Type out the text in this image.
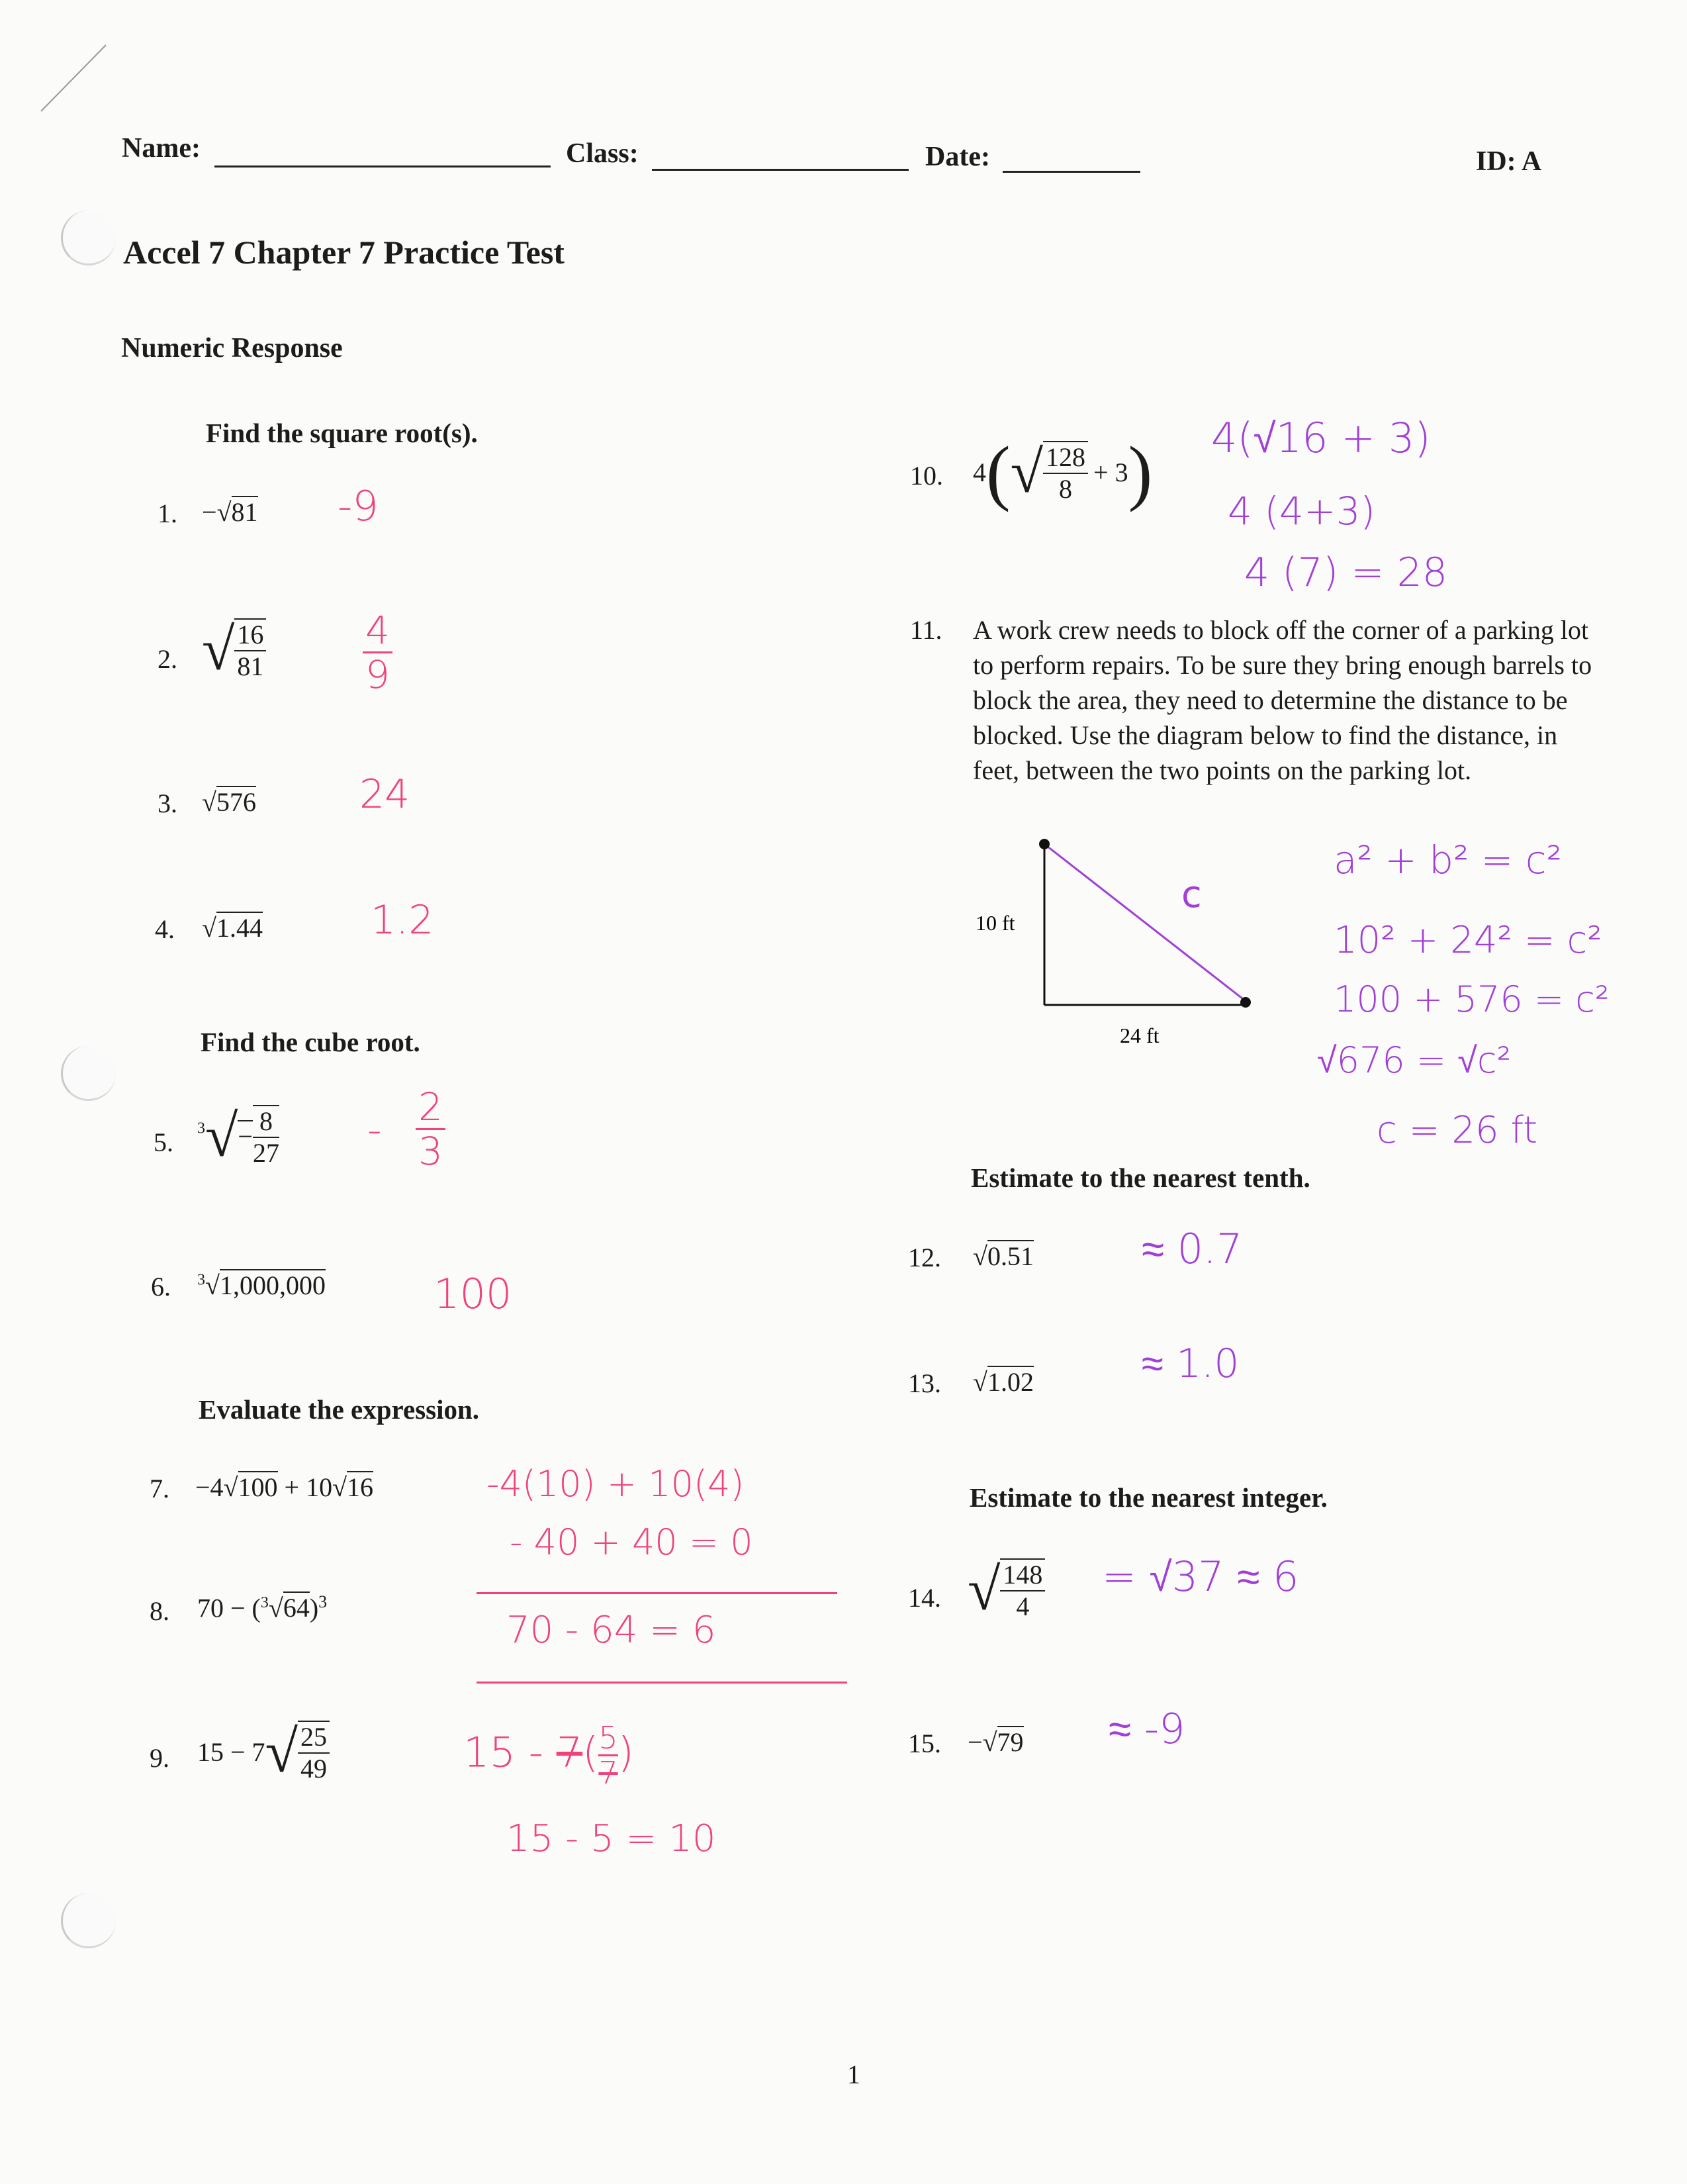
Name:	Class:	Date:	ID: A
Accel 7 Chapter 7 Practice Test
Numeric Response
Find the square root(s).
1. −√81 -9
2. √ $\frac{16}{81}$	$\frac{4}{9}$
3. √576	24
4. √1.44	1.2
Find the cube root.
5. $^3√- \frac{8}{27} - \frac{2}{3}$
6. $^3$√1,000,000	100
Evaluate the expression.
7. −4√100 + 10√16	-4(10) + 10(4)
- 40 + 40 = 0
8. $70 - (^3√64)^3$
70 - 64 = 6
9. $15 - 7√ \frac{25}{49}$	$15 - 7( \frac{5}{7}$ )
15 - 5 = 10
10. $4(√ \frac{128}{8} + 3)$ 4(√16 + 3)
4 (4+3)
4 (7) = 28
11. A work crew needs to block off the corner of a parking lot to perform repairs. To be sure they bring enough barrels to block the area, they need to determine the distance to be blocked. Use the diagram below to find the distance, in feet, between the two points on the parking lot.
10 ft
24 ft
c
a² + b² = c²
10² + 24² = c²
100 + 576 = c²
√676 = √c²
c = 26 ft
Estimate to the nearest tenth.
12. √0.51	≈ 0.7
13. √1.02	≈ 1.0
Estimate to the nearest integer.
14. √ $\frac{148}{4} = √37 \approx 6$
15. −√79 ≈ -9
1
